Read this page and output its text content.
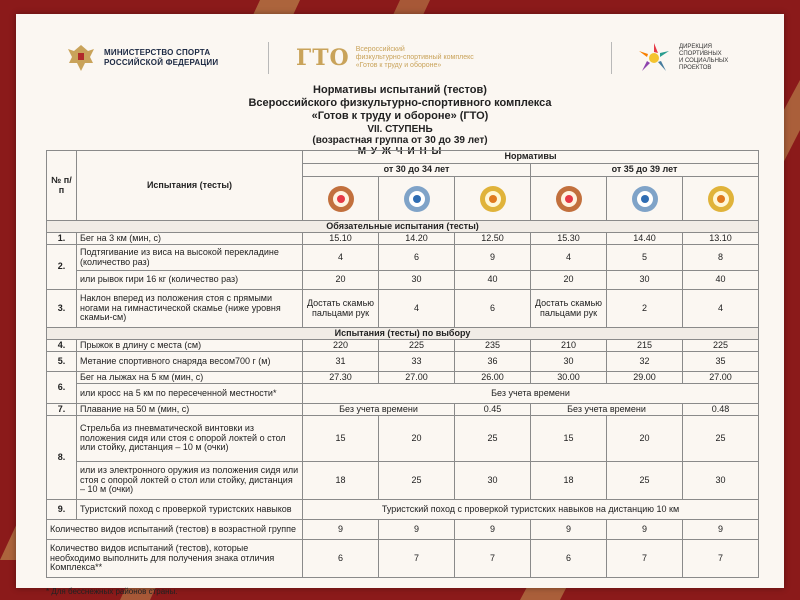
МИНИСТЕРСТВО СПОРТА
РОССИЙСКОЙ ФЕДЕРАЦИИ	ГТО Всероссийский
физкультурно-спортивный комплекс
«Готов к труду и обороне»
ДИРЕКЦИЯ
СПОРТИВНЫХ
И СОЦИАЛЬНЫХ
ПРОЕКТОВ
Нормативы испытаний (тестов)
Всероссийского физкультурно-спортивного комплекса
«Готов к труду и обороне» (ГТО)
VII. СТУПЕНЬ
(возрастная группа от 30 до 39 лет)
М У Ж Ч И Н Ы
№ п/п	Испытания (тесты)	Нормативы					
		от 30 до 34 лет			от 35 до 39 лет		

Обязательные испытания (тесты)							
1.	Бег на 3 км (мин, с)	15.10	14.20	12.50	15.30	14.40	13.10
2.	Подтягивание из виса на высокой перекладине (количество раз)	4	6	9	4	5	8
	или рывок гири 16 кг (количество раз)	20	30	40	20	30	40
3.	Наклон вперед из положения стоя с прямыми ногами на гимнастической скамье (ниже уровня скамьи-см)	Достать скамью пальцами рук	4	6	Достать скамью пальцами рук	2	4
Испытания (тесты) по выбору							
4.	Прыжок в длину с места (см)	220	225	235	210	215	225
5.	Метание спортивного снаряда весом700 г (м)	31	33	36	30	32	35
6.	Бег на лыжах на 5 км (мин, с)	27.30	27.00	26.00	30.00	29.00	27.00
	или кросс на 5 км по пересеченной местности*	Без учета времени					
7.	Плавание на 50 м (мин, с)	Без учета времени		0.45	Без учета времени		0.48
8.	Стрельба из пневматической винтовки из положения сидя или стоя с опорой локтей о стол или стойку, дистанция – 10 м (очки)	15	20	25	15	20	25
	или из электронного оружия из положения сидя или стоя с опорой локтей о стол или стойку, дистанция – 10 м (очки)	18	25	30	18	25	30
9.	Туристский поход с проверкой туристских навыков	Туристский поход с проверкой туристских навыков на дистанцию 10 км					
Количество видов испытаний (тестов) в возрастной группе		9	9	9	9	9	9
Количество видов испытаний (тестов), которые необходимо выполнить для получения знака отличия Комплекса**		6	7	7	6	7	7
* Для бесснежных районов страны.
